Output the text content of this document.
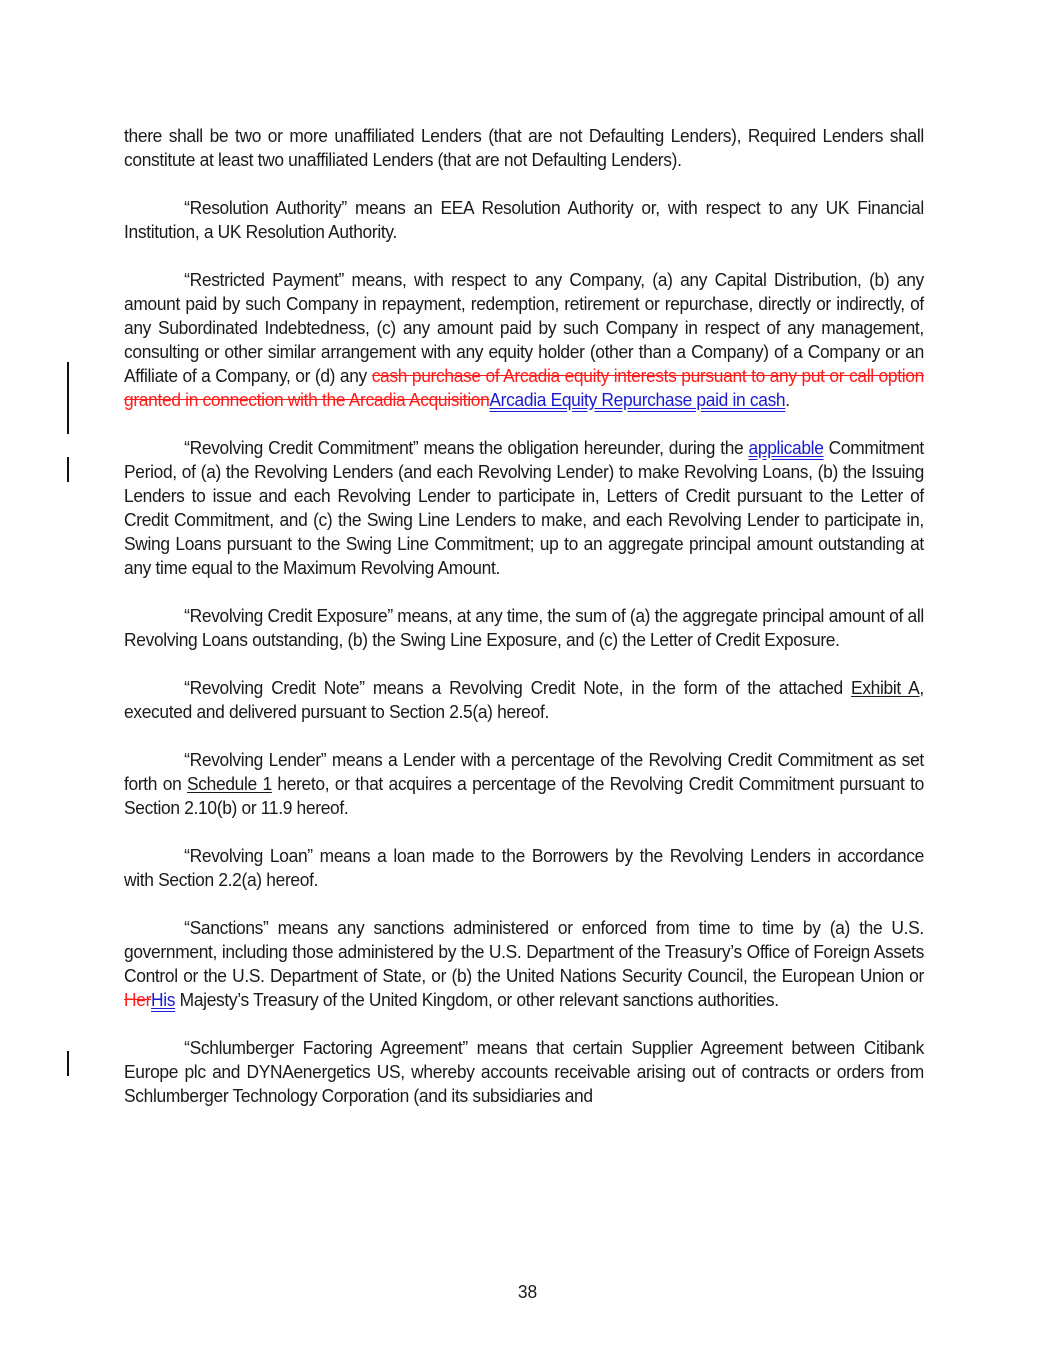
there shall be two or more unaffiliated Lenders (that are not Defaulting Lenders), Required Lenders shall constitute at least two unaffiliated Lenders (that are not Defaulting Lenders).

“Resolution Authority” means an EEA Resolution Authority or, with respect to any UK Financial Institution, a UK Resolution Authority.

“Restricted Payment” means, with respect to any Company, (a) any Capital Distribution, (b) any amount paid by such Company in repayment, redemption, retirement or repurchase, directly or indirectly, of any Subordinated Indebtedness, (c) any amount paid by such Company in respect of any management, consulting or other similar arrangement with any equity holder (other than a Company) of a Company or an Affiliate of a Company, or (d) any cash purchase of Arcadia equity interests pursuant to any put or call option granted in connection with the Arcadia AcquisitionArcadia Equity Repurchase paid in cash.

“Revolving Credit Commitment” means the obligation hereunder, during the applicable Commitment Period, of (a) the Revolving Lenders (and each Revolving Lender) to make Revolving Loans, (b) the Issuing Lenders to issue and each Revolving Lender to participate in, Letters of Credit pursuant to the Letter of Credit Commitment, and (c) the Swing Line Lenders to make, and each Revolving Lender to participate in, Swing Loans pursuant to the Swing Line Commitment; up to an aggregate principal amount outstanding at any time equal to the Maximum Revolving Amount.

“Revolving Credit Exposure” means, at any time, the sum of (a) the aggregate principal amount of all Revolving Loans outstanding, (b) the Swing Line Exposure, and (c) the Letter of Credit Exposure.

“Revolving Credit Note” means a Revolving Credit Note, in the form of the attached Exhibit A, executed and delivered pursuant to Section 2.5(a) hereof.

“Revolving Lender” means a Lender with a percentage of the Revolving Credit Commitment as set forth on Schedule 1 hereto, or that acquires a percentage of the Revolving Credit Commitment pursuant to Section 2.10(b) or 11.9 hereof.

“Revolving Loan” means a loan made to the Borrowers by the Revolving Lenders in accordance with Section 2.2(a) hereof.

“Sanctions” means any sanctions administered or enforced from time to time by (a) the U.S. government, including those administered by the U.S. Department of the Treasury’s Office of Foreign Assets Control or the U.S. Department of State, or (b) the United Nations Security Council, the European Union or HerHis Majesty’s Treasury of the United Kingdom, or other relevant sanctions authorities.

“Schlumberger Factoring Agreement” means that certain Supplier Agreement between Citibank Europe plc and DYNAenergetics US, whereby accounts receivable arising out of contracts or orders from Schlumberger Technology Corporation (and its subsidiaries and

38
